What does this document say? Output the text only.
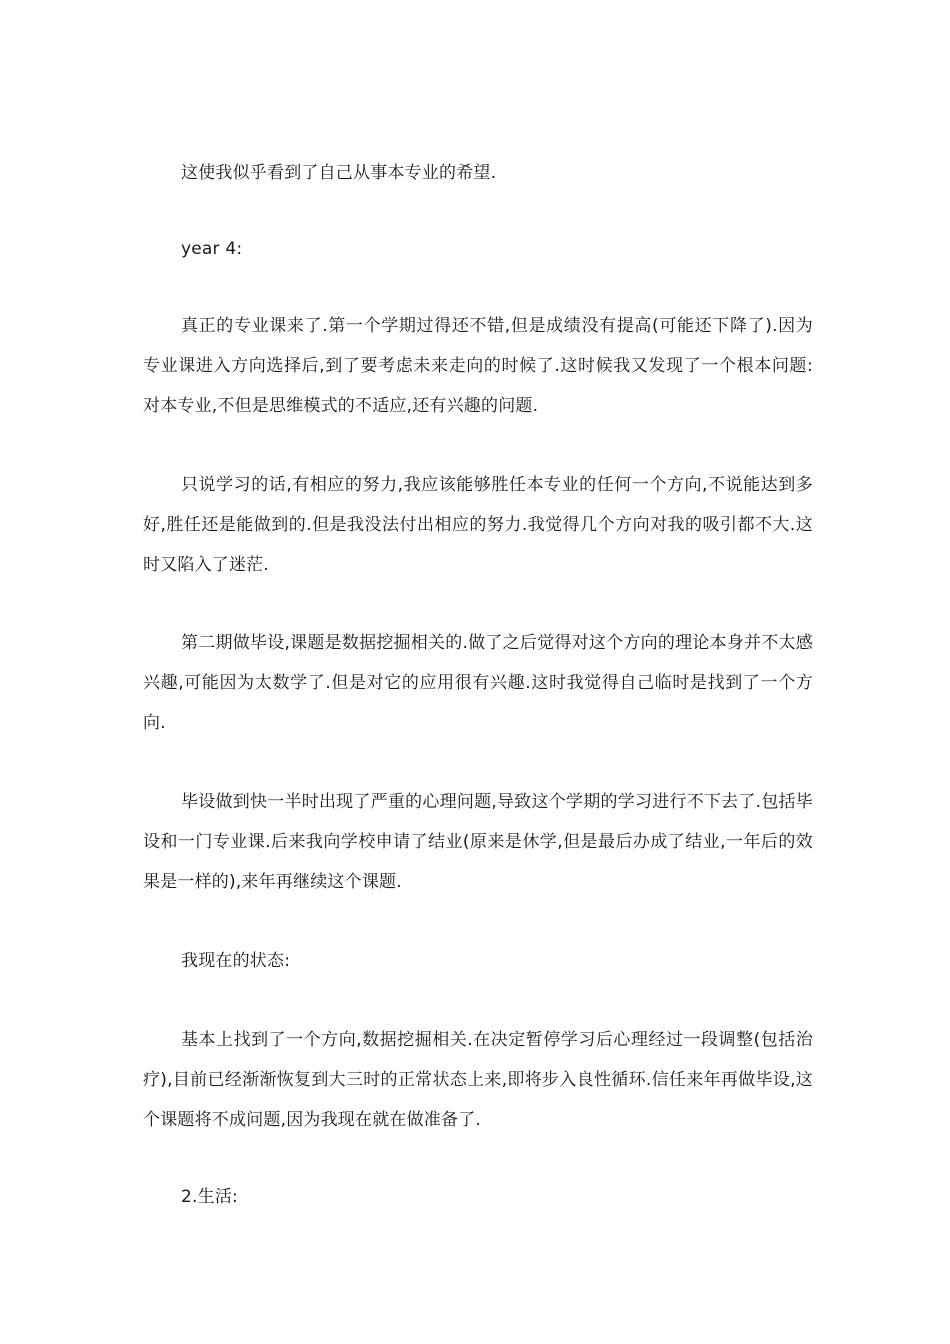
这使我似乎看到了自己从事本专业的希望.

year 4:

真正的专业课来了.第一个学期过得还不错,但是成绩没有提高(可能还下降了).因为专业课进入方向选择后,到了要考虑未来走向的时候了.这时候我又发现了一个根本问题:对本专业,不但是思维模式的不适应,还有兴趣的问题.

只说学习的话,有相应的努力,我应该能够胜任本专业的任何一个方向,不说能达到多好,胜任还是能做到的.但是我没法付出相应的努力.我觉得几个方向对我的吸引都不大.这时又陷入了迷茫.

第二期做毕设,课题是数据挖掘相关的.做了之后觉得对这个方向的理论本身并不太感兴趣,可能因为太数学了.但是对它的应用很有兴趣.这时我觉得自己临时是找到了一个方向.

毕设做到快一半时出现了严重的心理问题,导致这个学期的学习进行不下去了.包括毕设和一门专业课.后来我向学校申请了结业(原来是休学,但是最后办成了结业,一年后的效果是一样的),来年再继续这个课题.

我现在的状态:

基本上找到了一个方向,数据挖掘相关.在决定暂停学习后心理经过一段调整(包括治疗),目前已经渐渐恢复到大三时的正常状态上来,即将步入良性循环.信任来年再做毕设,这个课题将不成问题,因为我现在就在做准备了.

2.生活:
